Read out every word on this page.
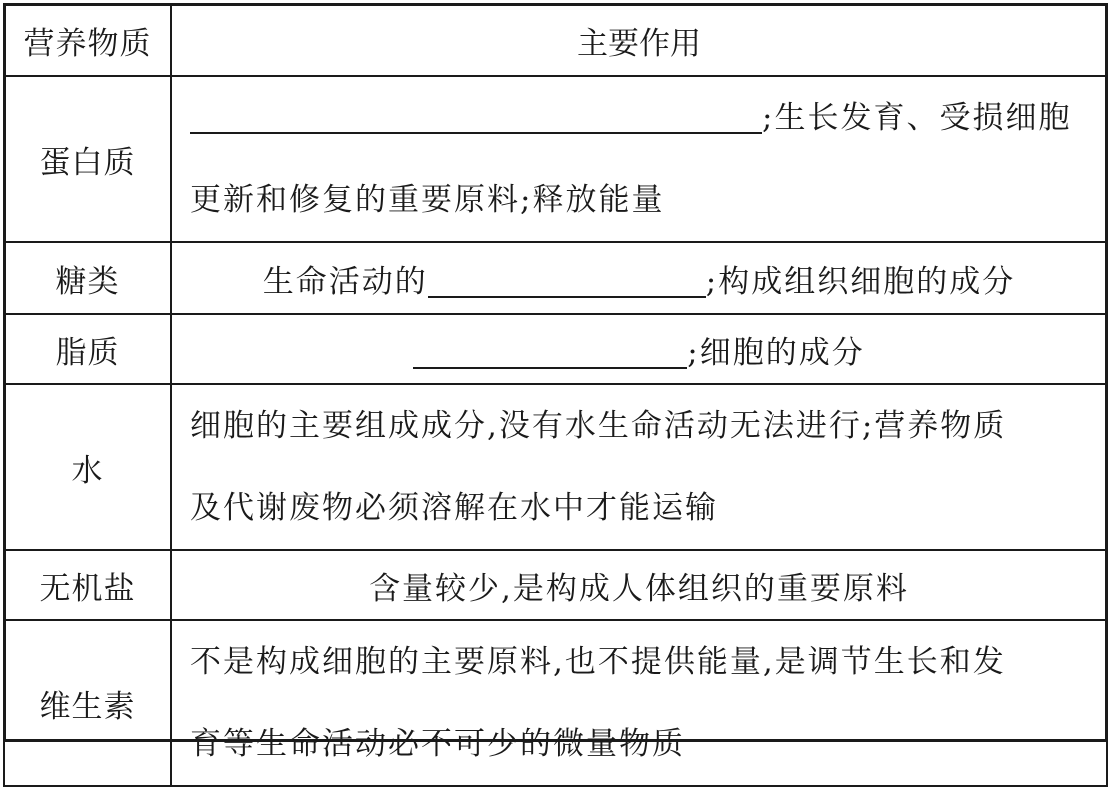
营养物质	主要作用
蛋白质	;生长发育、受损细胞
更新和修复的重要原料;释放能量

糖类	生命活动的 ;构成组织细胞的成分
脂质	;细胞的成分
水	细胞的主要组成成分,没有水生命活动无法进行;营养物质
及代谢废物必须溶解在水中才能运输

无机盐	含量较少,是构成人体组织的重要原料
维生素	不是构成细胞的主要原料,也不提供能量,是调节生长和发
育等生命活动必不可少的微量物质
